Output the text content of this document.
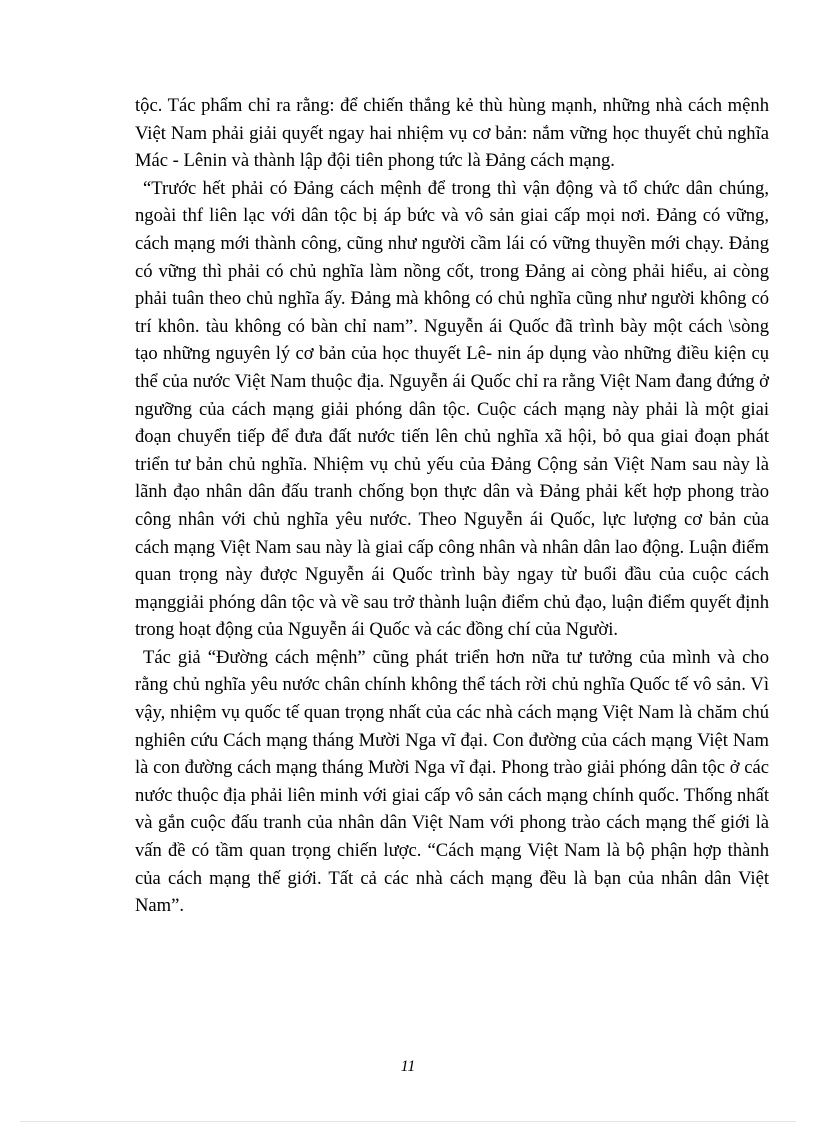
tộc. Tác phẩm chỉ ra rằng: để chiến thắng kẻ thù hùng mạnh, những nhà cách mệnh Việt Nam phải giải quyết ngay hai nhiệm vụ cơ bản: nắm vững học thuyết chủ nghĩa Mác - Lênin và thành lập đội tiên phong tức là Đảng cách mạng.

“Trước hết phải có Đảng cách mệnh để trong thì vận động và tổ chức dân chúng, ngoài thf liên lạc với dân tộc bị áp bức và vô sản giai cấp mọi nơi. Đảng có vững, cách mạng mới thành công, cũng như người cầm lái có vững thuyền mới chạy. Đảng có vững thì phải có chủ nghĩa làm nồng cốt, trong Đảng ai còng phải hiểu, ai còng phải tuân theo chủ nghĩa ấy. Đảng mà không có chủ nghĩa cũng như người không có trí khôn. tàu không có bàn chỉ nam”. Nguyễn ái Quốc đã trình bày một cách \sòng tạo những nguyên lý cơ bản của học thuyết Lê- nin áp dụng vào những điều kiện cụ thể của nước Việt Nam thuộc địa. Nguyễn ái Quốc chỉ ra rằng Việt Nam đang đứng ở ngưỡng của cách mạng giải phóng dân tộc. Cuộc cách mạng này phải là một giai đoạn chuyển tiếp để đưa đất nước tiến lên chủ nghĩa xã hội, bỏ qua giai đoạn phát triển tư bản chủ nghĩa. Nhiệm vụ chủ yếu của Đảng Cộng sản Việt Nam sau này là lãnh đạo nhân dân đấu tranh chống bọn thực dân và Đảng phải kết hợp phong trào công nhân với chủ nghĩa yêu nước. Theo Nguyễn ái Quốc, lực lượng cơ bản của cách mạng Việt Nam sau này là giai cấp công nhân và nhân dân lao động. Luận điểm quan trọng này được Nguyễn ái Quốc trình bày ngay từ buổi đầu của cuộc cách mạnggiải phóng dân tộc và về sau trở thành luận điểm chủ đạo, luận điểm quyết định trong hoạt động của Nguyễn ái Quốc và các đồng chí của Người.

Tác giả “Đường cách mệnh” cũng phát triển hơn nữa tư tưởng của mình và cho rằng chủ nghĩa yêu nước chân chính không thể tách rời chủ nghĩa Quốc tế vô sản. Vì vậy, nhiệm vụ quốc tế quan trọng nhất của các nhà cách mạng Việt Nam là chăm chú nghiên cứu Cách mạng tháng Mười Nga vĩ đại. Con đường của cách mạng Việt Nam là con đường cách mạng tháng Mười Nga vĩ đại. Phong trào giải phóng dân tộc ở các nước thuộc địa phải liên minh với giai cấp vô sản cách mạng chính quốc. Thống nhất và gắn cuộc đấu tranh của nhân dân Việt Nam với phong trào cách mạng thế giới là vấn đề có tầm quan trọng chiến lược. “Cách mạng Việt Nam là bộ phận hợp thành của cách mạng thế giới. Tất cả các nhà cách mạng đều là bạn của nhân dân Việt Nam”.

11
